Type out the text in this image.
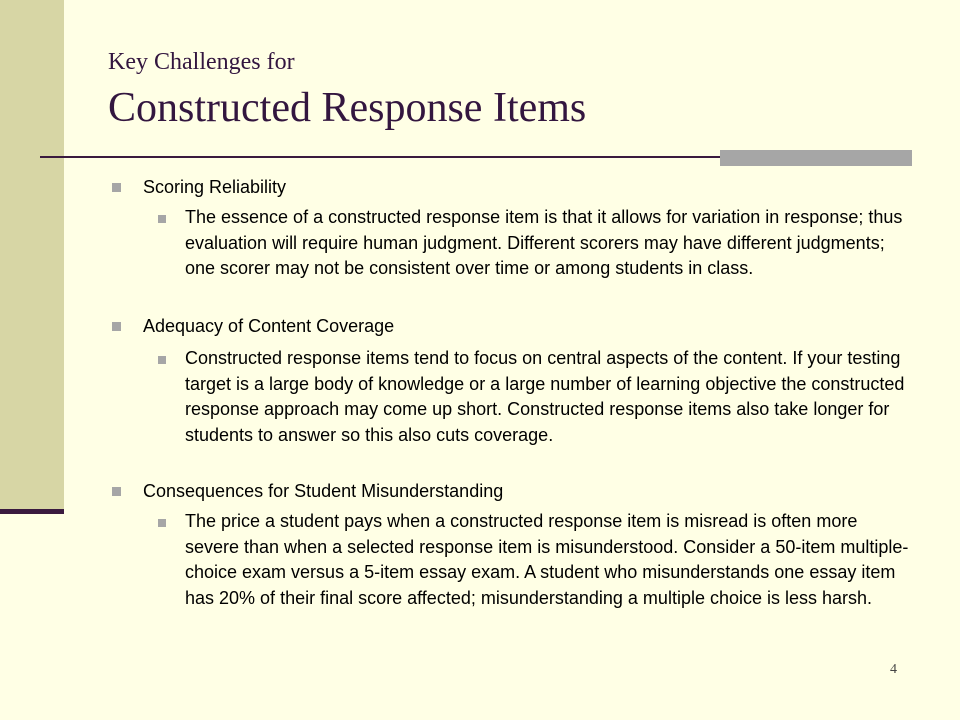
Key Challenges for
Constructed Response Items
Scoring Reliability
The essence of a constructed response item is that it allows for variation in response; thus evaluation will require human judgment. Different scorers may have different judgments; one scorer may not be consistent over time or among students in class.
Adequacy of Content Coverage
Constructed response items tend to focus on central aspects of the content. If your testing target is a large body of knowledge or a large number of learning objective the constructed response approach may come up short. Constructed response items also take longer for students to answer so this also cuts coverage.
Consequences for Student Misunderstanding
The price a student pays when a constructed response item is misread is often more severe than when a selected response item is misunderstood. Consider a 50-item multiple-choice exam versus a 5-item essay exam. A student who misunderstands one essay item has 20% of their final score affected; misunderstanding a multiple choice is less harsh.
4
